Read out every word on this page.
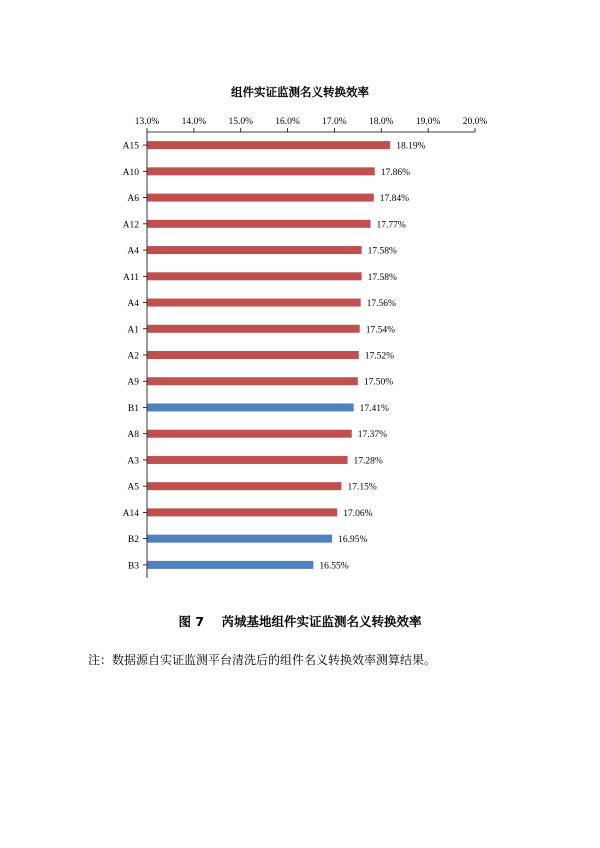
组件实证监测名义转换效率
13.0% 14.0% 15.0% 16.0% 17.0% 18.0% 19.0% 20.0%
A15
A10
A6
A12
A4
A11
A4
A1
A2
A9
B1
A8
A3
A5
A14
B2
B3
18.19%
17.86%
17.84%
17.77%
17.58%
17.58%
17.56%
17.54%
17.52%
17.50%
17.41%
17.37%
17.28%
17.15%
17.06%
16.95%
16.55%
图 7    芮城基地组件实证监测名义转换效率
注：数据源自实证监测平台清洗后的组件名义转换效率测算结果。
